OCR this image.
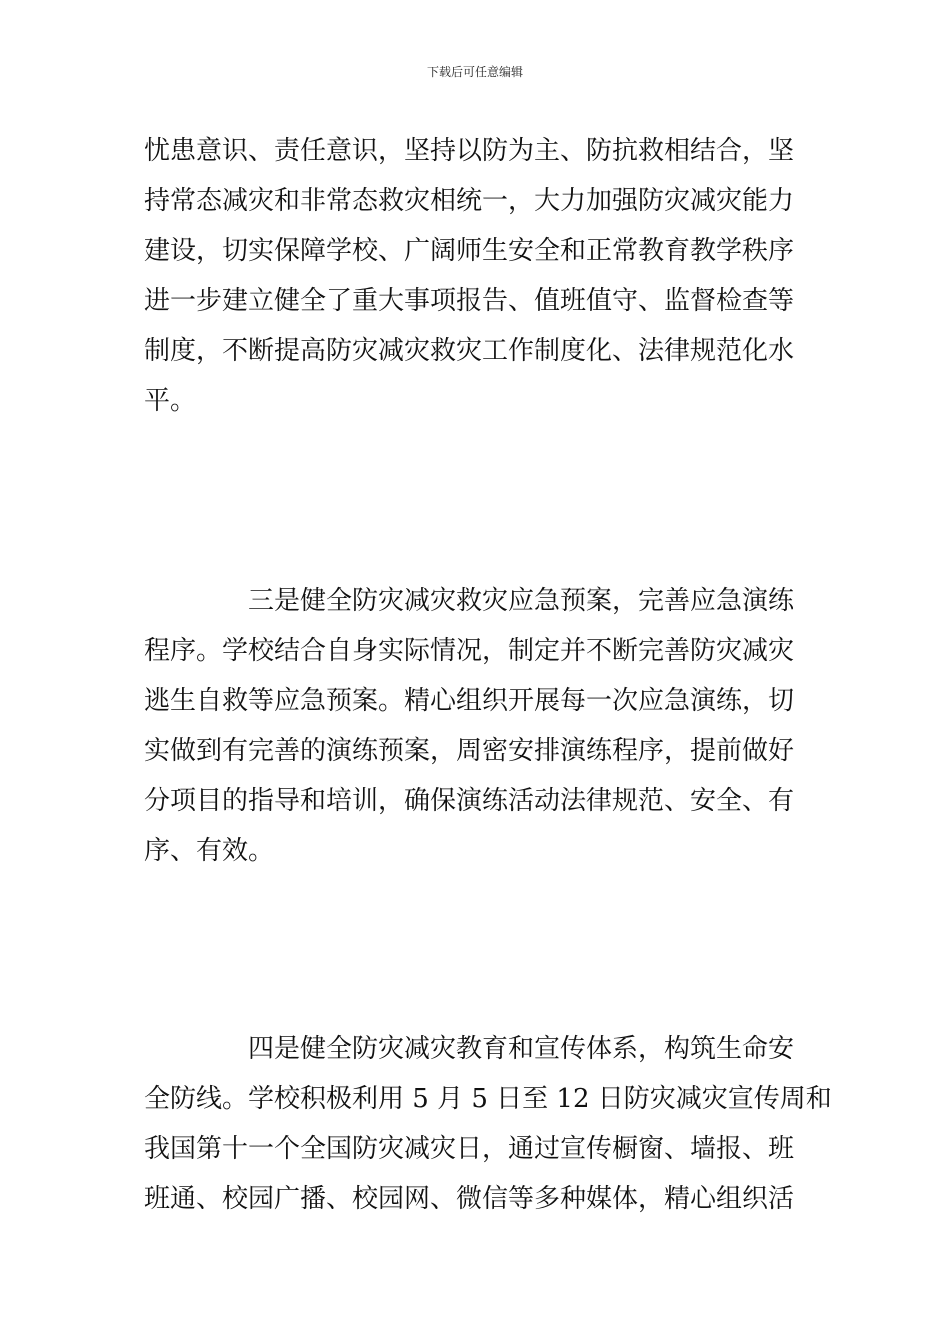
下载后可任意编辑
忧患意识、责任意识，坚持以防为主、防抗救相结合，坚
持常态减灾和非常态救灾相统一，大力加强防灾减灾能力
建设，切实保障学校、广阔师生安全和正常教育教学秩序
进一步建立健全了重大事项报告、值班值守、监督检查等
制度，不断提高防灾减灾救灾工作制度化、法律规范化水
平。
三是健全防灾减灾救灾应急预案，完善应急演练
程序。学校结合自身实际情况，制定并不断完善防灾减灾
逃生自救等应急预案。精心组织开展每一次应急演练，切
实做到有完善的演练预案，周密安排演练程序，提前做好
分项目的指导和培训，确保演练活动法律规范、安全、有
序、有效。
四是健全防灾减灾教育和宣传体系，构筑生命安
全防线。学校积极利用 5 月 5 日至 12 日防灾减灾宣传周和
我国第十一个全国防灾减灾日，通过宣传橱窗、墙报、班
班通、校园广播、校园网、微信等多种媒体，精心组织活
